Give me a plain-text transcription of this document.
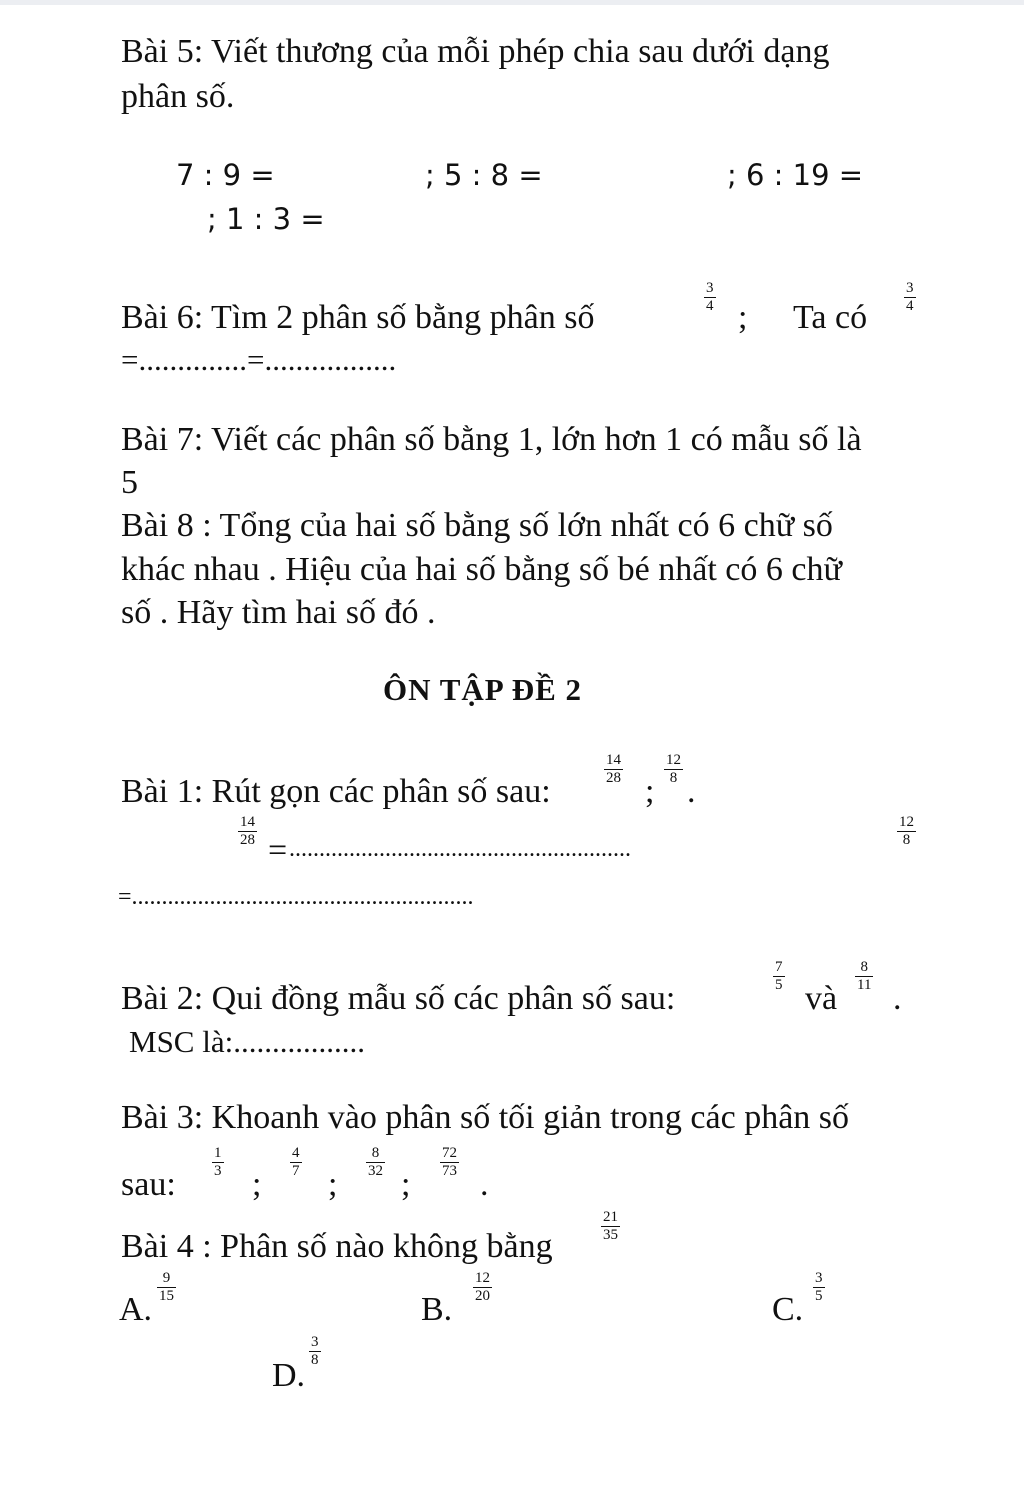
Bài 5: Viết thương của mỗi phép chia sau dưới dạng
phân số.
7 : 9 =	; 5 : 8 =	; 6 : 19 =
; 1 : 3 =
Bài 6: Tìm 2 phân số bằng phân số
$\frac{3}{4}$
; Ta có
$\frac{3}{4}$
=..............=.................
Bài 7: Viết các phân số bằng 1, lớn hơn 1 có mẫu số là
5
Bài 8 : Tổng của hai số bằng số lớn nhất có 6 chữ số
khác nhau . Hiệu của hai số bằng số bé nhất có 6 chữ
số . Hãy tìm hai số đó .
ÔN TẬP ĐỀ 2
Bài 1: Rút gọn các phân số sau:
$\frac{14}{28}$
;
$\frac{12}{8}$
.
$\frac{14}{28}$
= .........................................................	$\frac{12}{8}$
=.........................................................
Bài 2: Qui đồng mẫu số các phân số sau:
$\frac{7}{5}$
và
$\frac{8}{11}$
.
MSC là:.................
Bài 3: Khoanh vào phân số tối giản trong các phân số
sau:
$\frac{1}{3}$
;
$\frac{4}{7}$
;
$\frac{8}{32}$
;
$\frac{72}{73}$
.
Bài 4 : Phân số nào không bằng
$\frac{21}{35}$
A.
$\frac{9}{15}$
B.
$\frac{12}{20}$
C.
$\frac{3}{5}$
D.
$\frac{3}{8}$
